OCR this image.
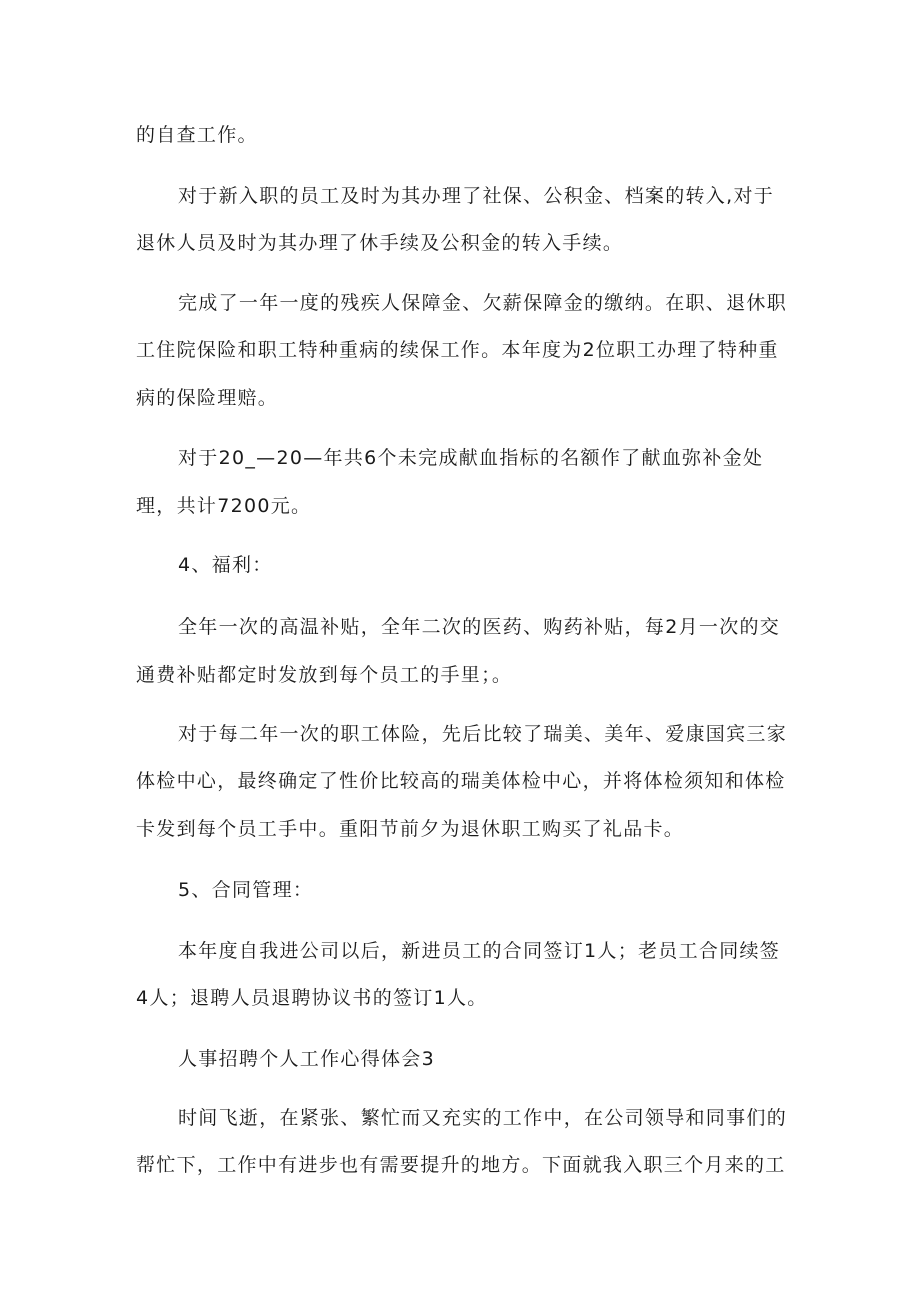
的自查工作。
对于新入职的员工及时为其办理了社保、公积金、档案的转入,对于
退休人员及时为其办理了休手续及公积金的转入手续。
完成了一年一度的残疾人保障金、欠薪保障金的缴纳。在职、退休职
工住院保险和职工特种重病的续保工作。本年度为2位职工办理了特种重
病的保险理赔。
对于20_—20—年共6个未完成献血指标的名额作了献血弥补金处
理，共计7200元。
4、福利：
全年一次的高温补贴，全年二次的医药、购药补贴，每2月一次的交
通费补贴都定时发放到每个员工的手里；。
对于每二年一次的职工体险，先后比较了瑞美、美年、爱康国宾三家
体检中心，最终确定了性价比较高的瑞美体检中心，并将体检须知和体检
卡发到每个员工手中。重阳节前夕为退休职工购买了礼品卡。
5、合同管理：
本年度自我进公司以后，新进员工的合同签订1人；老员工合同续签
4人；退聘人员退聘协议书的签订1人。
人事招聘个人工作心得体会3
时间飞逝，在紧张、繁忙而又充实的工作中，在公司领导和同事们的
帮忙下，工作中有进步也有需要提升的地方。下面就我入职三个月来的工
